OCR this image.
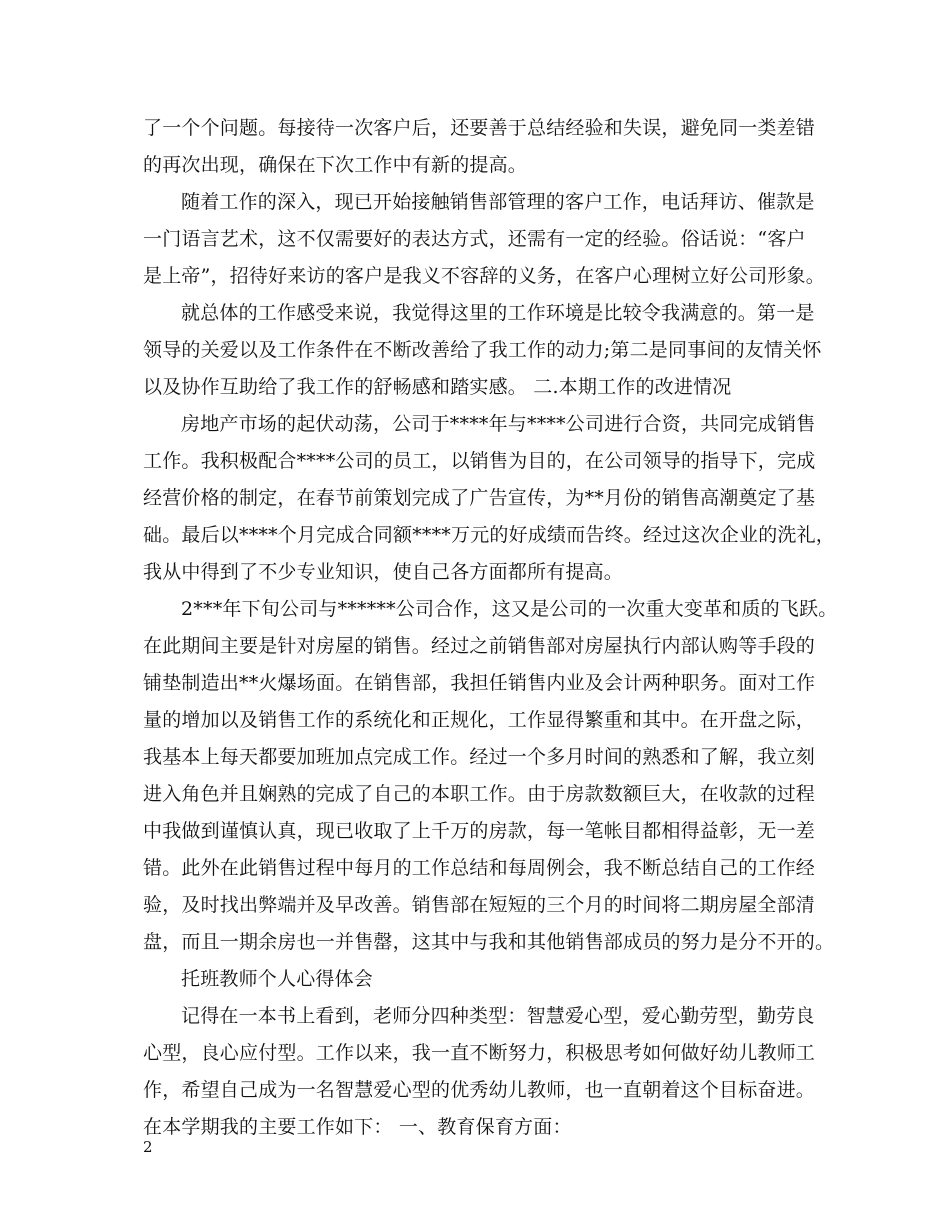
了一个个问题。每接待一次客户后，还要善于总结经验和失误，避免同一类差错
的再次出现，确保在下次工作中有新的提高。
随着工作的深入，现已开始接触销售部管理的客户工作，电话拜访、催款是
一门语言艺术，这不仅需要好的表达方式，还需有一定的经验。俗话说：“客户
是上帝”，招待好来访的客户是我义不容辞的义务，在客户心理树立好公司形象。
就总体的工作感受来说，我觉得这里的工作环境是比较令我满意的。第一是
领导的关爱以及工作条件在不断改善给了我工作的动力;第二是同事间的友情关怀
以及协作互助给了我工作的舒畅感和踏实感。 二.本期工作的改进情况
房地产市场的起伏动荡，公司于****年与****公司进行合资，共同完成销售
工作。我积极配合****公司的员工，以销售为目的，在公司领导的指导下，完成
经营价格的制定，在春节前策划完成了广告宣传，为**月份的销售高潮奠定了基
础。最后以****个月完成合同额****万元的好成绩而告终。经过这次企业的洗礼，
我从中得到了不少专业知识，使自己各方面都所有提高。
2***年下旬公司与******公司合作，这又是公司的一次重大变革和质的飞跃。
在此期间主要是针对房屋的销售。经过之前销售部对房屋执行内部认购等手段的
铺垫制造出**火爆场面。在销售部，我担任销售内业及会计两种职务。面对工作
量的增加以及销售工作的系统化和正规化，工作显得繁重和其中。在开盘之际，
我基本上每天都要加班加点完成工作。经过一个多月时间的熟悉和了解，我立刻
进入角色并且娴熟的完成了自己的本职工作。由于房款数额巨大，在收款的过程
中我做到谨慎认真，现已收取了上千万的房款，每一笔帐目都相得益彰，无一差
错。此外在此销售过程中每月的工作总结和每周例会，我不断总结自己的工作经
验，及时找出弊端并及早改善。销售部在短短的三个月的时间将二期房屋全部清
盘，而且一期余房也一并售罄，这其中与我和其他销售部成员的努力是分不开的。
托班教师个人心得体会
记得在一本书上看到，老师分四种类型：智慧爱心型，爱心勤劳型，勤劳良
心型，良心应付型。工作以来，我一直不断努力，积极思考如何做好幼儿教师工
作，希望自己成为一名智慧爱心型的优秀幼儿教师，也一直朝着这个目标奋进。
在本学期我的主要工作如下： 一、教育保育方面：
2
